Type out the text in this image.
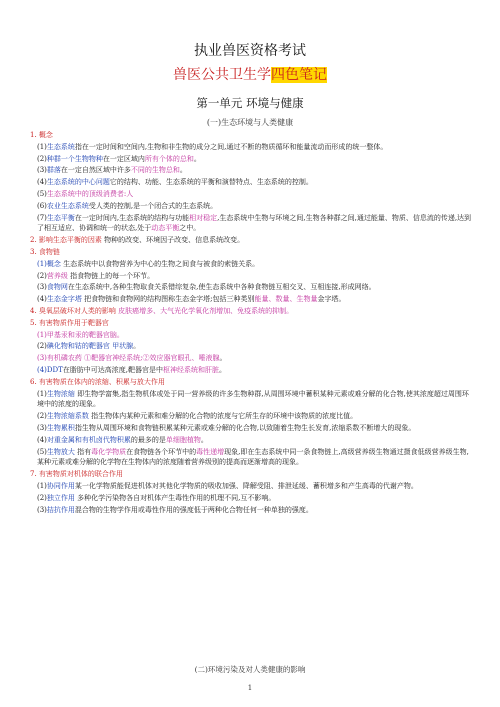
执业兽医资格考试
兽医公共卫生学四色笔记
第一单元 环境与健康
(一)生态环境与人类健康

1. 概念

(1)生态系统指在一定时间和空间内,生物和非生物的成分之间,通过不断的物质循环和能量流动而形成的统一整体。

(2)种群一个生物物种在一定区域内所有个体的总和。

(3)群落在一定自然区域中许多不同的生物总和。

(4)生态系统的中心问题它的结构、功能、生态系统的平衡和演替特点、生态系统的控制。

(5)生态系统中的顶级消费者:人

(6)农业生态系统受人类的控制,是一个闭合式的生态系统。

(7)生态平衡在一定时间内,生态系统的结构与功能相对稳定,生态系统中生物与环境之间,生物各种群之间,通过能量、物质、信息流的传递,达到了相互适应、协调和统一的状态,处于动态平衡之中。

2. 影响生态平衡的因素 物种的改变、环境因子改变、信息系统改变。

3. 食物链

(1)概念 生态系统中以食物营养为中心的生物之间食与被食的索链关系。

(2)营养级 指食物链上的每一个环节。

(3)食物网在生态系统中,各种生物取食关系错综复杂,使生态系统中各种食物链互相交叉、互相连接,形成网络。

(4)生态金字塔 把食物链和食物网的结构图称生态金字塔;包括三种类别能量、数量、生物量金字塔。

4. 臭氧层破坏对人类的影响 皮肤癌增多、大气光化学氧化剂增加、免疫系统的抑制。

5. 有害物质作用于靶器官

(1)甲基汞和汞的靶器官脑。

(2)碘化物和钴的靶器官 甲状腺。

(3)有机磷农药 ①靶器官神经系统;②效应器官眼孔、唾液腺。

(4)DDT在脂肪中可达高浓度,靶器官是中枢神经系统和肝脏。

6. 有害物质在体内的浓缩、积累与放大作用

(1)生物浓缩 即生物学富集,指生物机体或处于同一营养级的许多生物种群,从周围环境中蓄积某种元素或难分解的化合物,使其浓度超过周围环境中的浓度的现象。

(2)生物浓缩系数 指生物体内某种元素和难分解的化合物的浓度与它所生存的环境中该物质的浓度比值。

(3)生物累积指生物从周围环境和食物链积累某种元素或难分解的化合物,以致随着生物生长发育,浓缩系数不断增大的现象。

(4)对重金属和有机卤代物积累的最多的是单细胞植物。

(5)生物放大 指有毒化学物质在食物链各个环节中的毒性递增现象,即在生态系统中同一条食物链上,高级营养级生物通过摄食低级营养级生物,某种元素或难分解的化学物在生物体内的浓度随着营养级别的提高而逐渐增高的现象。

7. 有害物质对机体的联合作用

(1)协同作用某一化学物质能促进机体对其他化学物质的吸收加强、降解受阻、排泄延缓、蓄积增多和产生高毒的代谢产物。

(2)独立作用 多种化学污染物各自对机体产生毒性作用的机理不同,互不影响。

(3)拮抗作用混合物的生物学作用或毒性作用的强度低于两种化合物任何一种单独的强度。

(二)环境污染及对人类健康的影响
1
